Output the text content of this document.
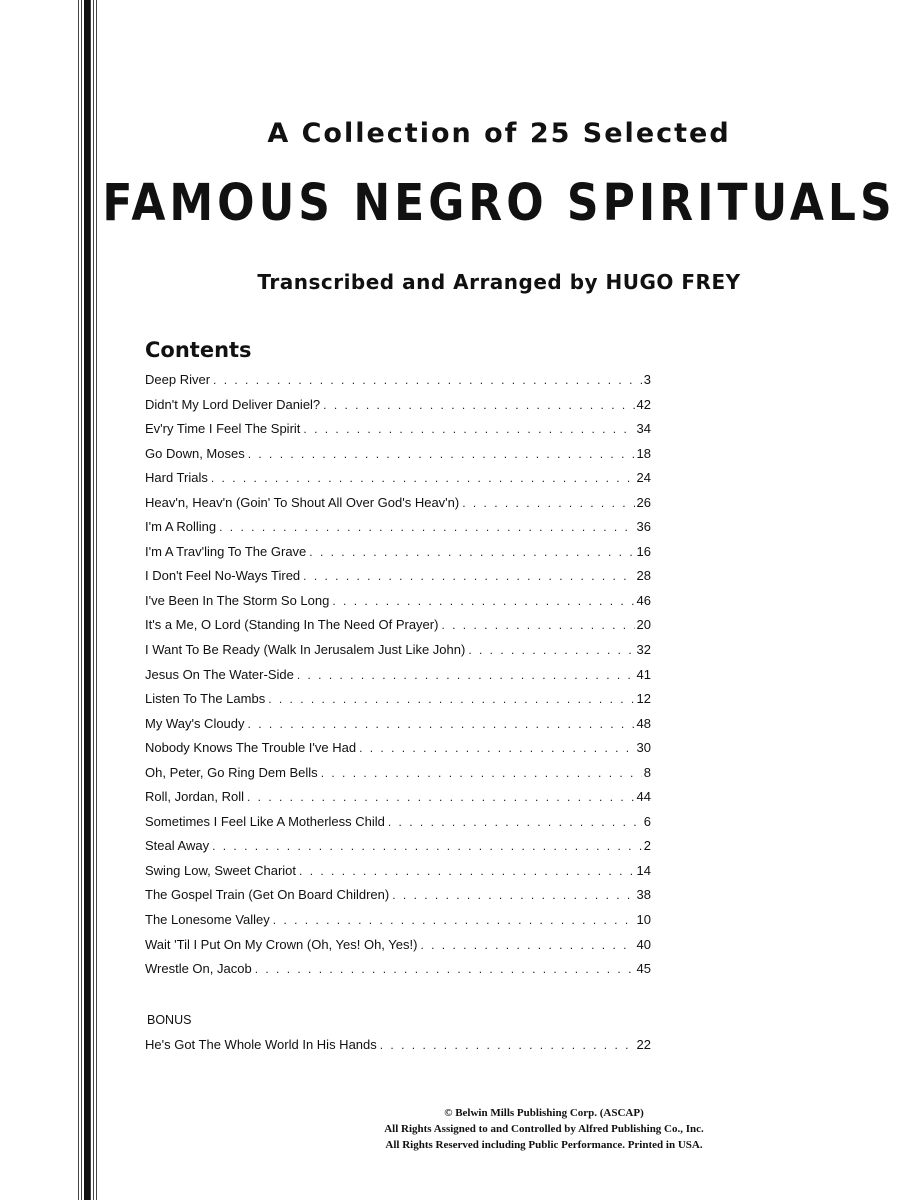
A Collection of 25 Selected
FAMOUS NEGRO SPIRITUALS
Transcribed and Arranged by HUGO FREY
Contents
Deep River . . .	3
Didn't My Lord Deliver Daniel? . . .	42
Ev'ry Time I Feel The Spirit . . .	34
Go Down, Moses . . .	18
Hard Trials . . .	24
Heav'n, Heav'n (Goin' To Shout All Over God's Heav'n) . . .	26
I'm A Rolling . . .	36
I'm A Trav'ling To The Grave . . .	16
I Don't Feel No-Ways Tired . . .	28
I've Been In The Storm So Long . . .	46
It's a Me, O Lord (Standing In The Need Of Prayer) . . .	20
I Want To Be Ready (Walk In Jerusalem Just Like John) . . .	32
Jesus On The Water-Side . . .	41
Listen To The Lambs . . .	12
My Way's Cloudy . . .	48
Nobody Knows The Trouble I've Had . . .	30
Oh, Peter, Go Ring Dem Bells . . .	8
Roll, Jordan, Roll . . .	44
Sometimes I Feel Like A Motherless Child . . .	6
Steal Away . . .	2
Swing Low, Sweet Chariot . . .	14
The Gospel Train (Get On Board Children) . . .	38
The Lonesome Valley . . .	10
Wait 'Til I Put On My Crown (Oh, Yes! Oh, Yes!) . . .	40
Wrestle On, Jacob . . .	45
BONUS
He's Got The Whole World In His Hands . . .	22
© Belwin Mills Publishing Corp. (ASCAP)
All Rights Assigned to and Controlled by Alfred Publishing Co., Inc.
All Rights Reserved including Public Performance. Printed in USA.
